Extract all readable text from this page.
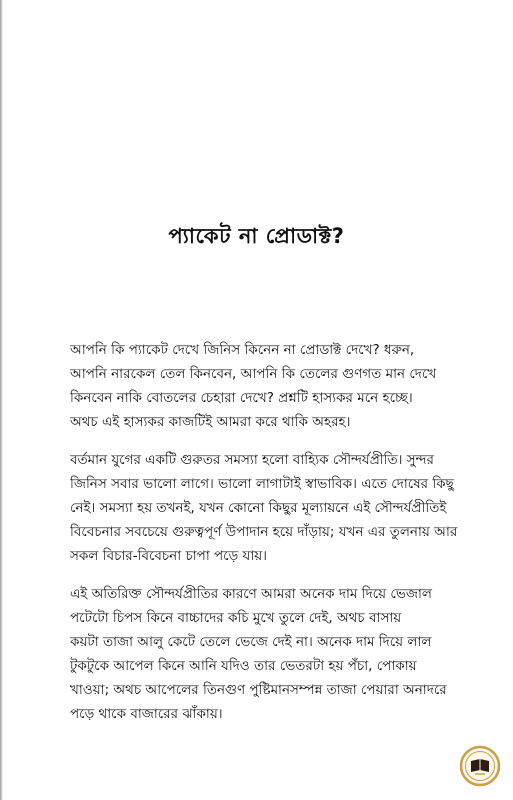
প্যাকেট না প্রোডাক্ট?
আপনি কি প্যাকেট দেখে জিনিস কিনেন না প্রোডাক্ট দেখে? ধরুন,
আপনি নারকেল তেল কিনবেন, আপনি কি তেলের গুণগত মান দেখে
কিনবেন নাকি বোতলের চেহারা দেখে? প্রশ্নটি হাস্যকর মনে হচ্ছে।
অথচ এই হাস্যকর কাজটিই আমরা করে থাকি অহরহ।
বর্তমান যুগের একটি গুরুতর সমস্যা হলো বাহ্যিক সৌন্দর্যপ্রীতি। সুন্দর
জিনিস সবার ভালো লাগে। ভালো লাগাটাই স্বাভাবিক। এতে দোষের কিছু
নেই। সমস্যা হয় তখনই, যখন কোনো কিছুর মূল্যায়নে এই সৌন্দর্যপ্রীতিই
বিবেচনার সবচেয়ে গুরুত্বপূর্ণ উপাদান হয়ে দাঁড়ায়; যখন এর তুলনায় আর
সকল বিচার-বিবেচনা চাপা পড়ে যায়।
এই অতিরিক্ত সৌন্দর্যপ্রীতির কারণে আমরা অনেক দাম দিয়ে ভেজাল
পটেটো চিপস কিনে বাচ্চাদের কচি মুখে তুলে দেই, অথচ বাসায়
কয়টা তাজা আলু কেটে তেলে ভেজে দেই না। অনেক দাম দিয়ে লাল
টুকটুকে আপেল কিনে আনি যদিও তার ভেতরটা হয় পঁচা, পোকায়
খাওয়া; অথচ আপেলের তিনগুণ পুষ্টিমানসম্পন্ন তাজা পেয়ারা অনাদরে
পড়ে থাকে বাজারের ঝাঁকায়।
